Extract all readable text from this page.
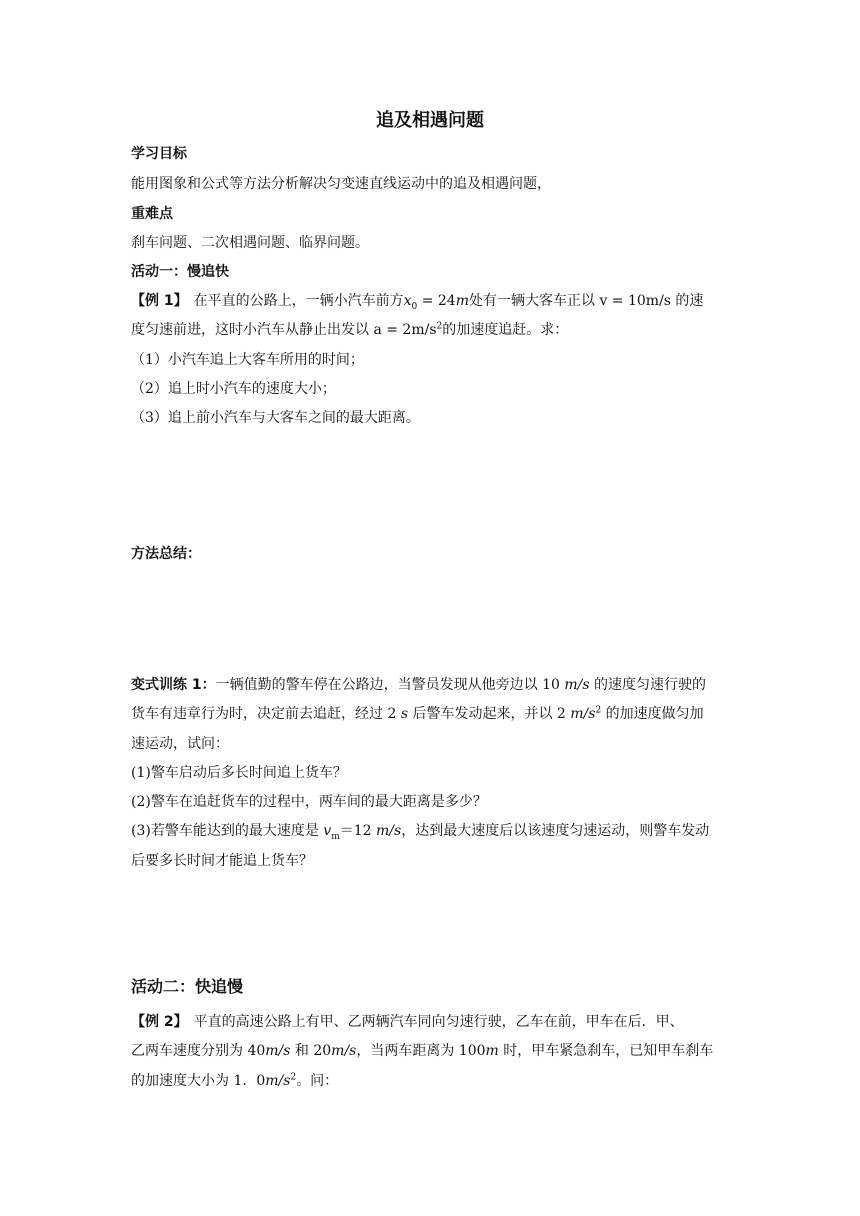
追及相遇问题
学习目标
能用图象和公式等方法分析解决匀变速直线运动中的追及相遇问题，
重难点
刹车问题、二次相遇问题、临界问题。
活动一：慢追快
【例 1】 在平直的公路上，一辆小汽车前方$x_0 = 24m$处有一辆大客车正以 v = 10m/s 的速
度匀速前进，这时小汽车从静止出发以 $a = 2m/s^2$的加速度追赶。求：
（1）小汽车追上大客车所用的时间；
（2）追上时小汽车的速度大小；
（3）追上前小汽车与大客车之间的最大距离。
方法总结：
变式训练 1：一辆值勤的警车停在公路边，当警员发现从他旁边以 10 m/s 的速度匀速行驶的
货车有违章行为时，决定前去追赶，经过 2 s 后警车发动起来，并以 2 $m/s^2$ 的加速度做匀加
速运动，试问：
(1)警车启动后多长时间追上货车？
(2)警车在追赶货车的过程中，两车间的最大距离是多少？
(3)若警车能达到的最大速度是 $v_m=12$ m/s，达到最大速度后以该速度匀速运动，则警车发动
后要多长时间才能追上货车？
活动二：快追慢
【例 2】 平直的高速公路上有甲、乙两辆汽车同向匀速行驶，乙车在前，甲车在后．甲、
乙两车速度分别为 40m/s 和 20m/s，当两车距离为 100m 时，甲车紧急刹车，已知甲车刹车
的加速度大小为 1．$0m/s^2$。问：
